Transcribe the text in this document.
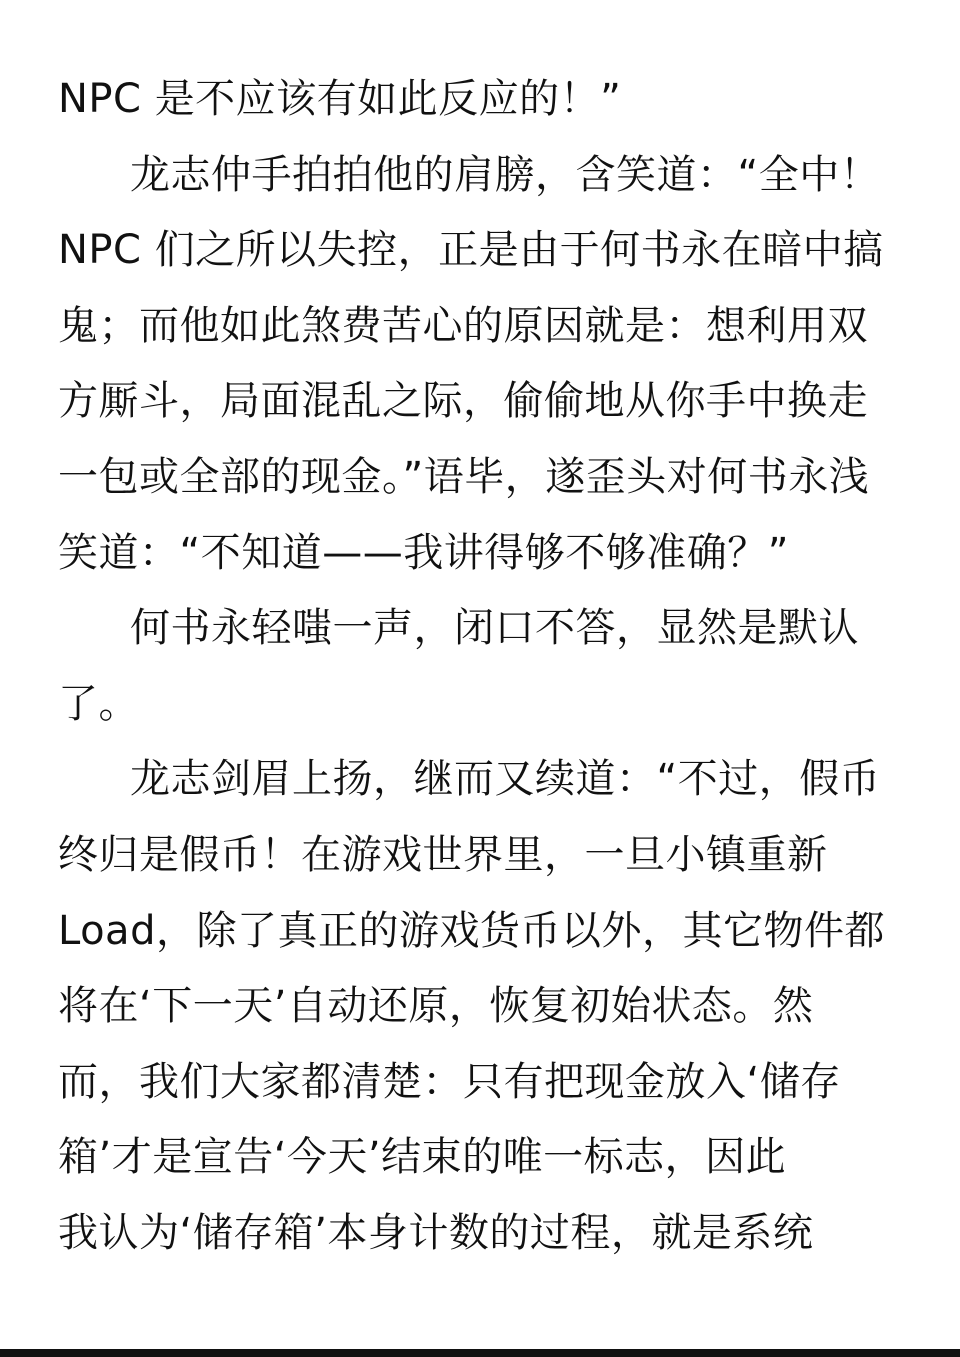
NPC 是不应该有如此反应的！”
龙志仲手拍拍他的肩膀，含笑道：“全中！
NPC 们之所以失控，正是由于何书永在暗中搞
鬼；而他如此煞费苦心的原因就是：想利用双
方厮斗，局面混乱之际，偷偷地从你手中换走
一包或全部的现金。”语毕，遂歪头对何书永浅
笑道：“不知道——我讲得够不够准确？”
何书永轻嗤一声，闭口不答，显然是默认
了。
龙志剑眉上扬，继而又续道：“不过，假币
终归是假币！在游戏世界里，一旦小镇重新
Load，除了真正的游戏货币以外，其它物件都
将在‘下一天’自动还原，恢复初始状态。然
而，我们大家都清楚：只有把现金放入‘储存
箱’才是宣告‘今天’结束的唯一标志，因此
我认为‘储存箱’本身计数的过程，就是系统
